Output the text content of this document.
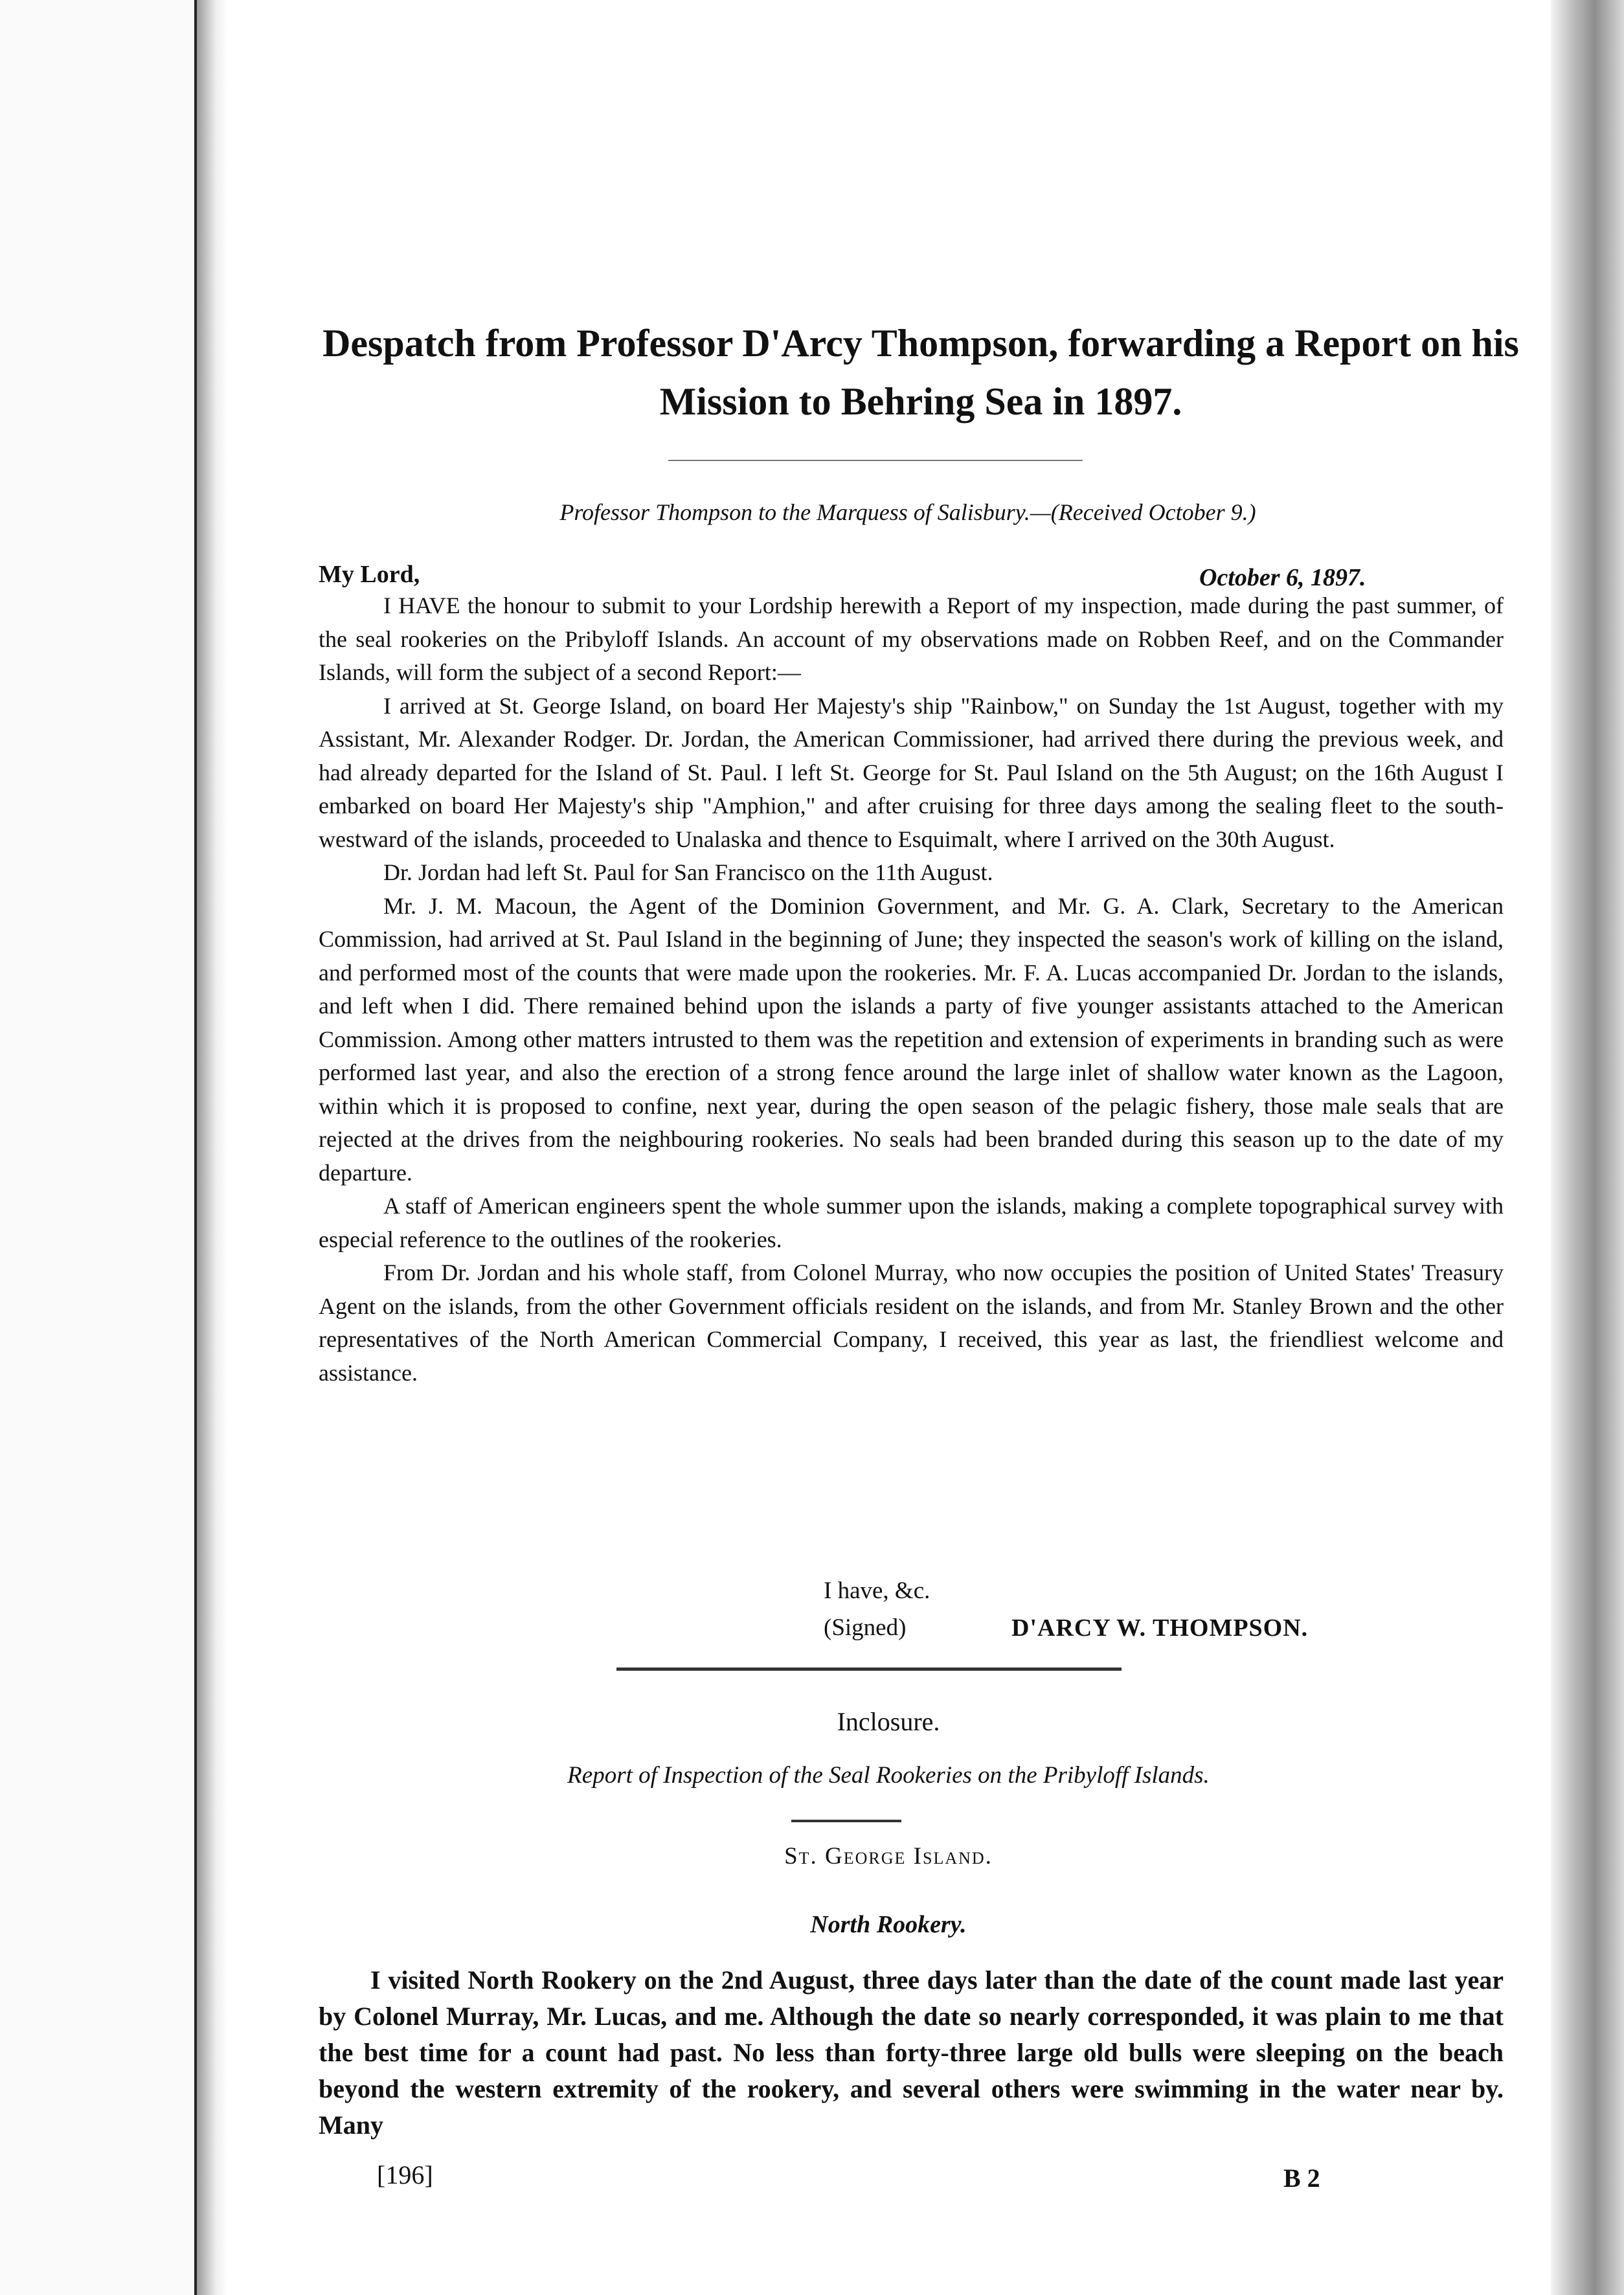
Despatch from Professor D'Arcy Thompson, forwarding a Report on his Mission to Behring Sea in 1897.
Professor Thompson to the Marquess of Salisbury.—(Received October 9.)
My Lord,	October 6, 1897.

I HAVE the honour to submit to your Lordship herewith a Report of my inspection, made during the past summer, of the seal rookeries on the Pribyloff Islands. An account of my observations made on Robben Reef, and on the Commander Islands, will form the subject of a second Report:—

I arrived at St. George Island, on board Her Majesty's ship "Rainbow," on Sunday the 1st August, together with my Assistant, Mr. Alexander Rodger. Dr. Jordan, the American Commissioner, had arrived there during the previous week, and had already departed for the Island of St. Paul. I left St. George for St. Paul Island on the 5th August; on the 16th August I embarked on board Her Majesty's ship "Amphion," and after cruising for three days among the sealing fleet to the south-westward of the islands, proceeded to Unalaska and thence to Esquimalt, where I arrived on the 30th August.

Dr. Jordan had left St. Paul for San Francisco on the 11th August.

Mr. J. M. Macoun, the Agent of the Dominion Government, and Mr. G. A. Clark, Secretary to the American Commission, had arrived at St. Paul Island in the beginning of June; they inspected the season's work of killing on the island, and performed most of the counts that were made upon the rookeries. Mr. F. A. Lucas accompanied Dr. Jordan to the islands, and left when I did. There remained behind upon the islands a party of five younger assistants attached to the American Commission. Among other matters intrusted to them was the repetition and extension of experiments in branding such as were performed last year, and also the erection of a strong fence around the large inlet of shallow water known as the Lagoon, within which it is proposed to confine, next year, during the open season of the pelagic fishery, those male seals that are rejected at the drives from the neighbouring rookeries. No seals had been branded during this season up to the date of my departure.

A staff of American engineers spent the whole summer upon the islands, making a complete topographical survey with especial reference to the outlines of the rookeries.

From Dr. Jordan and his whole staff, from Colonel Murray, who now occupies the position of United States' Treasury Agent on the islands, from the other Government officials resident on the islands, and from Mr. Stanley Brown and the other representatives of the North American Commercial Company, I received, this year as last, the friendliest welcome and assistance.

I have, &c.
(Signed)	D'ARCY W. THOMPSON.
Inclosure.
Report of Inspection of the Seal Rookeries on the Pribyloff Islands.
St. George Island.
North Rookery.

I visited North Rookery on the 2nd August, three days later than the date of the count made last year by Colonel Murray, Mr. Lucas, and me. Although the date so nearly corresponded, it was plain to me that the best time for a count had past. No less than forty-three large old bulls were sleeping on the beach beyond the western extremity of the rookery, and several others were swimming in the water near by. Many

[196]	B 2
